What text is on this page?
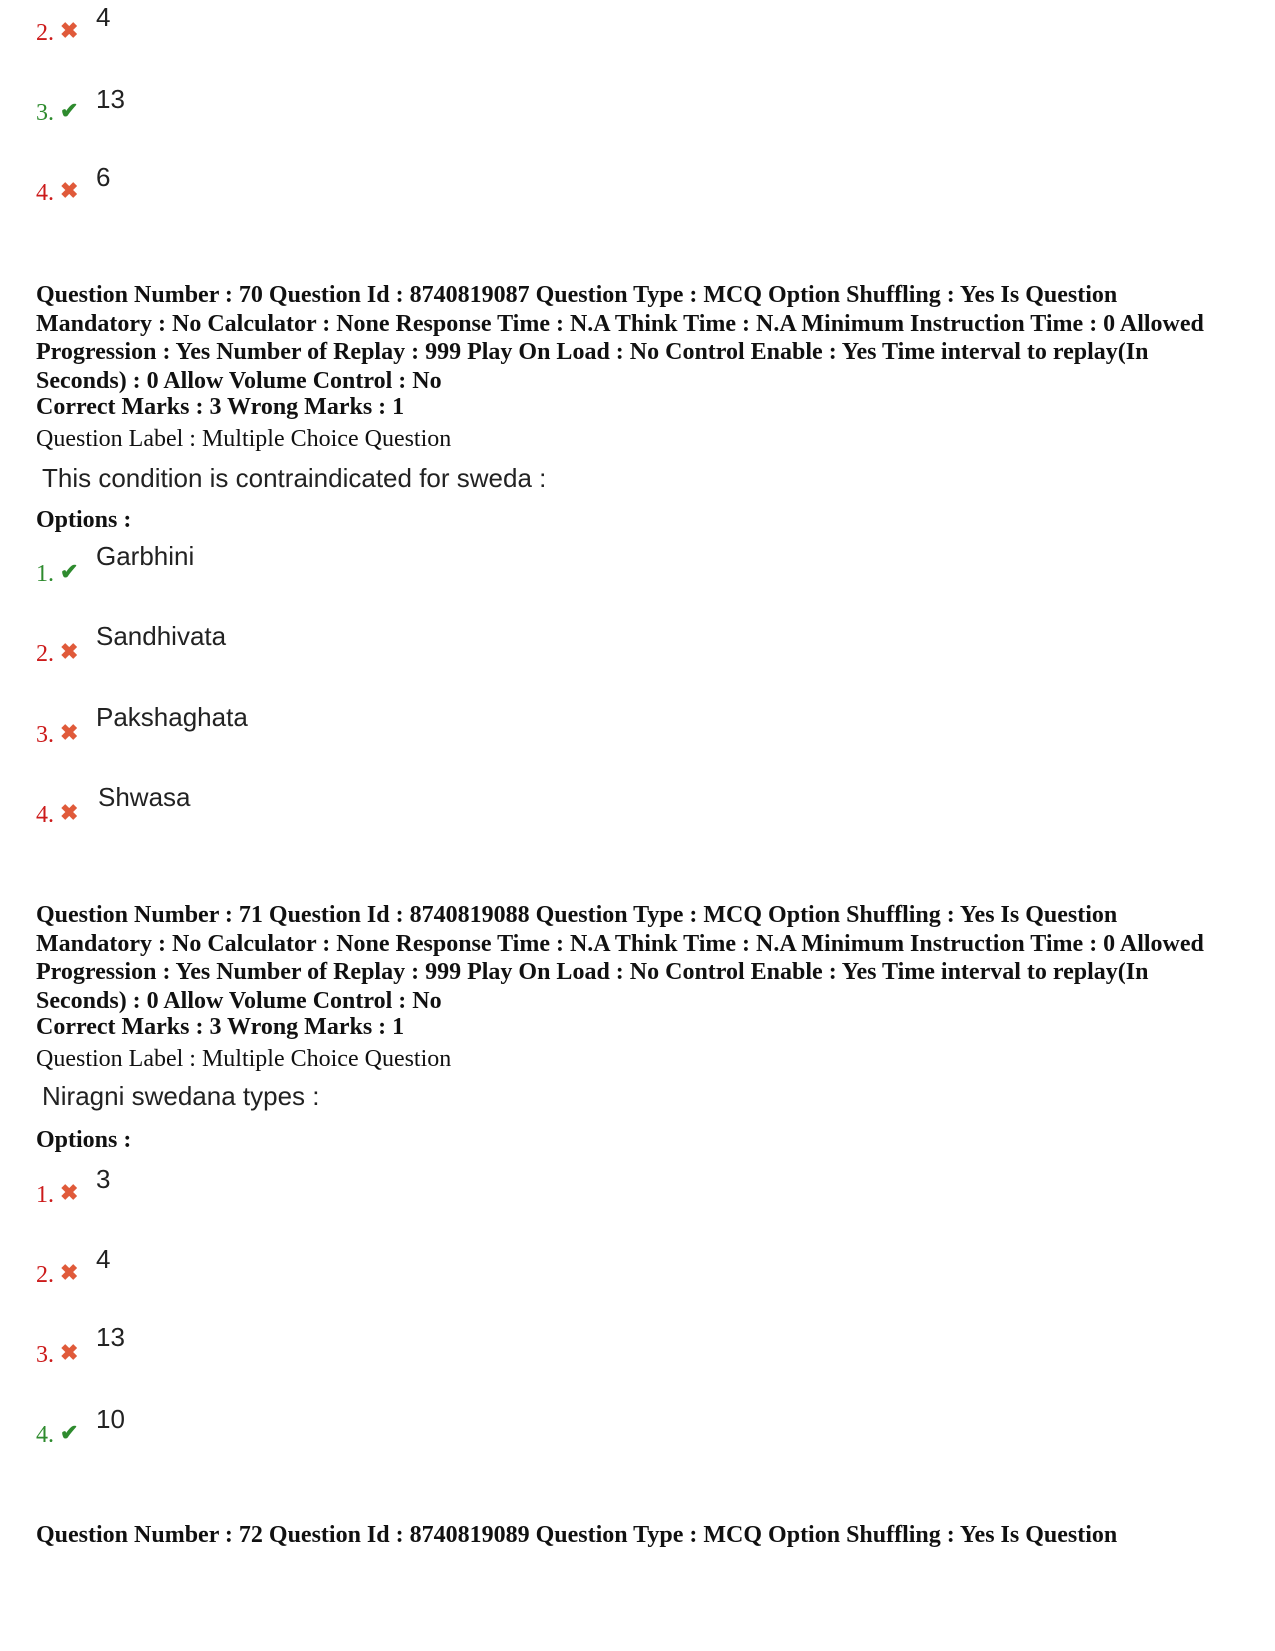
2. ✖ 4
3. ✔ 13
4. ✖ 6
Question Number : 70 Question Id : 8740819087 Question Type : MCQ Option Shuffling : Yes Is Question Mandatory : No Calculator : None Response Time : N.A Think Time : N.A Minimum Instruction Time : 0 Allowed Progression : Yes Number of Replay : 999 Play On Load : No Control Enable : Yes Time interval to replay(In Seconds) : 0 Allow Volume Control : No
Correct Marks : 3 Wrong Marks : 1
Question Label : Multiple Choice Question
This condition is contraindicated for sweda :
Options :
1. ✔
Garbhini
2. ✖
Sandhivata
3. ✖
Pakshaghata
4. ✖
Shwasa
Question Number : 71 Question Id : 8740819088 Question Type : MCQ Option Shuffling : Yes Is Question Mandatory : No Calculator : None Response Time : N.A Think Time : N.A Minimum Instruction Time : 0 Allowed Progression : Yes Number of Replay : 999 Play On Load : No Control Enable : Yes Time interval to replay(In Seconds) : 0 Allow Volume Control : No
Correct Marks : 3 Wrong Marks : 1
Question Label : Multiple Choice Question
Niragni swedana types :
Options :
1. ✖ 3
2. ✖ 4
3. ✖
13
4. ✔ 10
Question Number : 72 Question Id : 8740819089 Question Type : MCQ Option Shuffling : Yes Is Question
